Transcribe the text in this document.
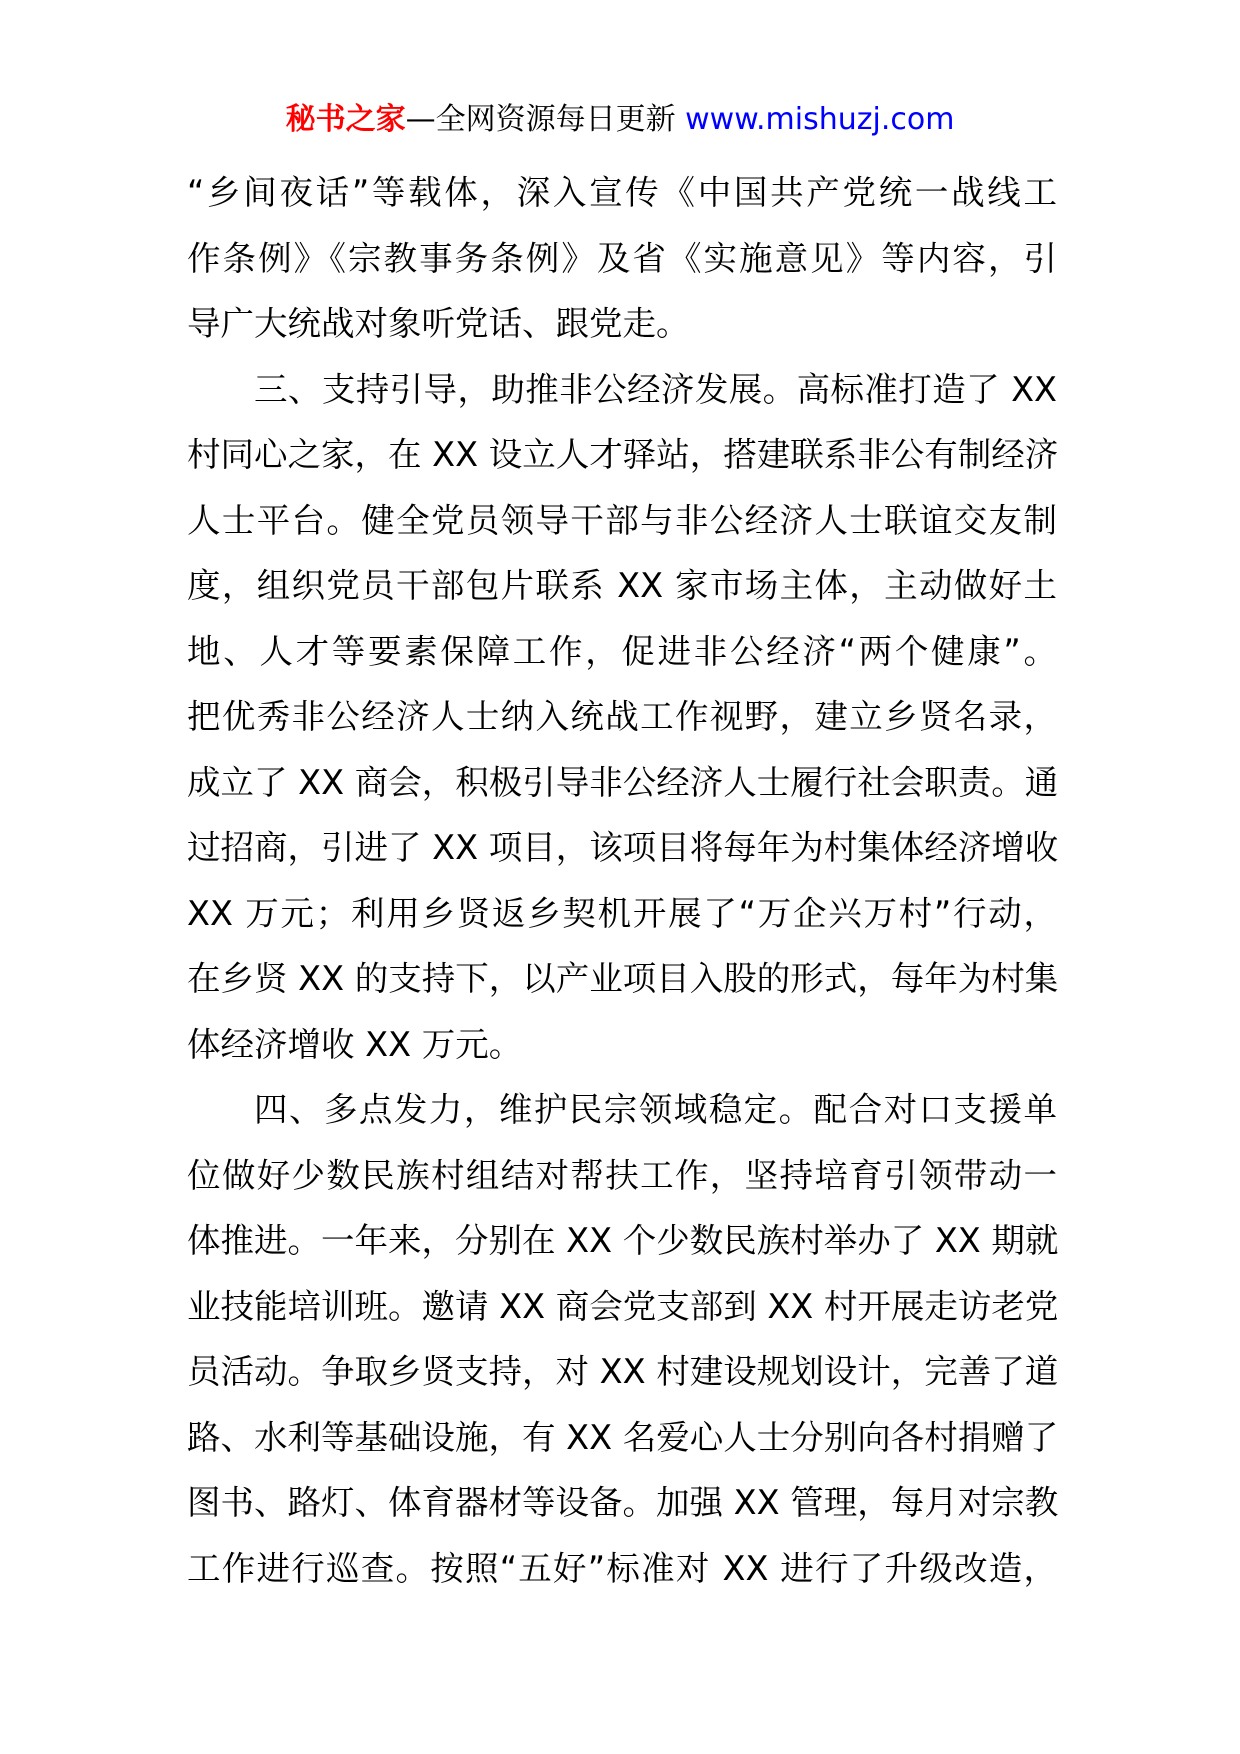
秘书之家—全网资源每日更新 www.mishuzj.com
“乡间夜话”等载体，深入宣传《中国共产党统一战线工
作条例》《宗教事务条例》及省《实施意见》等内容，引
导广大统战对象听党话、跟党走。
三、支持引导，助推非公经济发展。高标准打造了 XX
村同心之家，在 XX 设立人才驿站，搭建联系非公有制经济
人士平台。健全党员领导干部与非公经济人士联谊交友制
度，组织党员干部包片联系 XX 家市场主体，主动做好土
地、人才等要素保障工作，促进非公经济“两个健康”。
把优秀非公经济人士纳入统战工作视野，建立乡贤名录，
成立了 XX 商会，积极引导非公经济人士履行社会职责。通
过招商，引进了 XX 项目，该项目将每年为村集体经济增收
XX 万元；利用乡贤返乡契机开展了“万企兴万村”行动，
在乡贤 XX 的支持下，以产业项目入股的形式，每年为村集
体经济增收 XX 万元。
四、多点发力，维护民宗领域稳定。配合对口支援单
位做好少数民族村组结对帮扶工作，坚持培育引领带动一
体推进。一年来，分别在 XX 个少数民族村举办了 XX 期就
业技能培训班。邀请 XX 商会党支部到 XX 村开展走访老党
员活动。争取乡贤支持，对 XX 村建设规划设计，完善了道
路、水利等基础设施，有 XX 名爱心人士分别向各村捐赠了
图书、路灯、体育器材等设备。加强 XX 管理，每月对宗教
工作进行巡查。按照“五好”标准对 XX 进行了升级改造，
